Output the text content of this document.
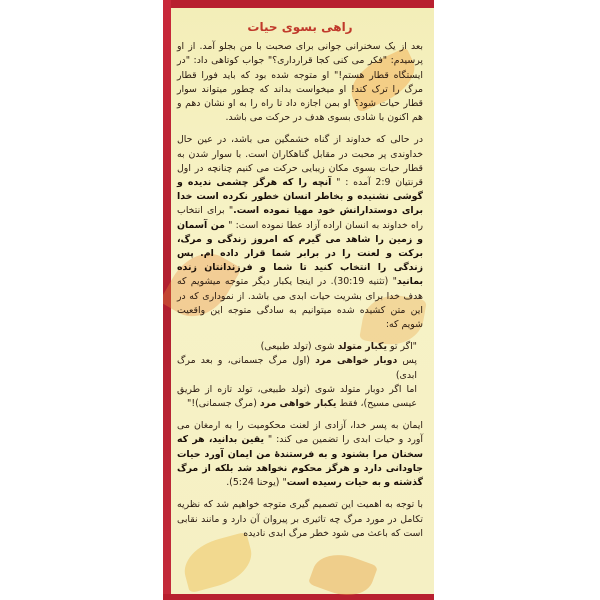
راهی بسوی حیات

بعد از یک سخنرانی جوانی برای صحبت با من بجلو آمد. از او پرسیدم: "فکر می کنی کجا قرارداری؟" جواب کوتاهی داد: "در ایستگاه قطار هستم!" او متوجه شده بود که باید فورا قطار مرگ را ترک کند! او میخواست بداند که چطور میتواند سوار قطار حیات شود؟ او بمن اجازه داد تا راه را به او نشان دهم و هم اکنون با شادی بسوی هدف در حرکت می باشد.

در حالی که خداوند از گناه خشمگین می باشد، در عین حال خداوندی پر محبت در مقابل گناهکاران است. با سوار شدن به قطار حیات بسوی مکان زیبایی حرکت می کنیم چنانچه در اول قرنتیان 2:9 آمده : " آنچه را که هرگز چشمی ندیده و گوشی نشنیده و بخاطر انسان خطور نکرده است خدا برای دوستدارانش خود مهیا نموده است." برای انتخاب راه خداوند به انسان اراده آزاد عطا نموده است: " من آسمان و زمین را شاهد می گیرم که امروز زندگی و مرگ، برکت و لعنت را در برابر شما قرار داده ام. پس زندگی را انتخاب کنید تا شما و فرزندانتان زنده بمانید" (تثنیه 30:19). در اینجا یکبار دیگر متوجه میشویم که هدف خدا برای بشریت حیات ابدی می باشد. از نموداری که در این متن کشیده شده میتوانیم به سادگی متوجه این واقعیت شویم که:

"اگر تو یکبار متولد شوی (تولد طبیعی)
پس دوبار خواهی مرد (اول مرگ جسمانی، و بعد مرگ ابدی)
اما اگر دوبار متولد شوی (تولد طبیعی، تولد تازه از طریق عیسی مسیح)، فقط یکبار خواهی مرد (مرگ جسمانی)!"

ایمان به پسر خدا، آزادی از لعنت محکومیت را به ارمغان می آورد و حیات ابدی را تضمین می کند: " یقین بدانید، هر که سخنان مرا بشنود و به فرستندهٔ من ایمان آورد حیات جاودانی دارد و هرگز محکوم نخواهد شد بلکه از مرگ گذشته و به حیات رسیده است" (یوحنا 5:24).

با توجه به اهمیت این تصمیم گیری متوجه خواهیم شد که نظریه تکامل در مورد مرگ چه تاثیری بر پیروان آن دارد و مانند نقابی است که باعث می شود خطر مرگ ابدی نادیده
